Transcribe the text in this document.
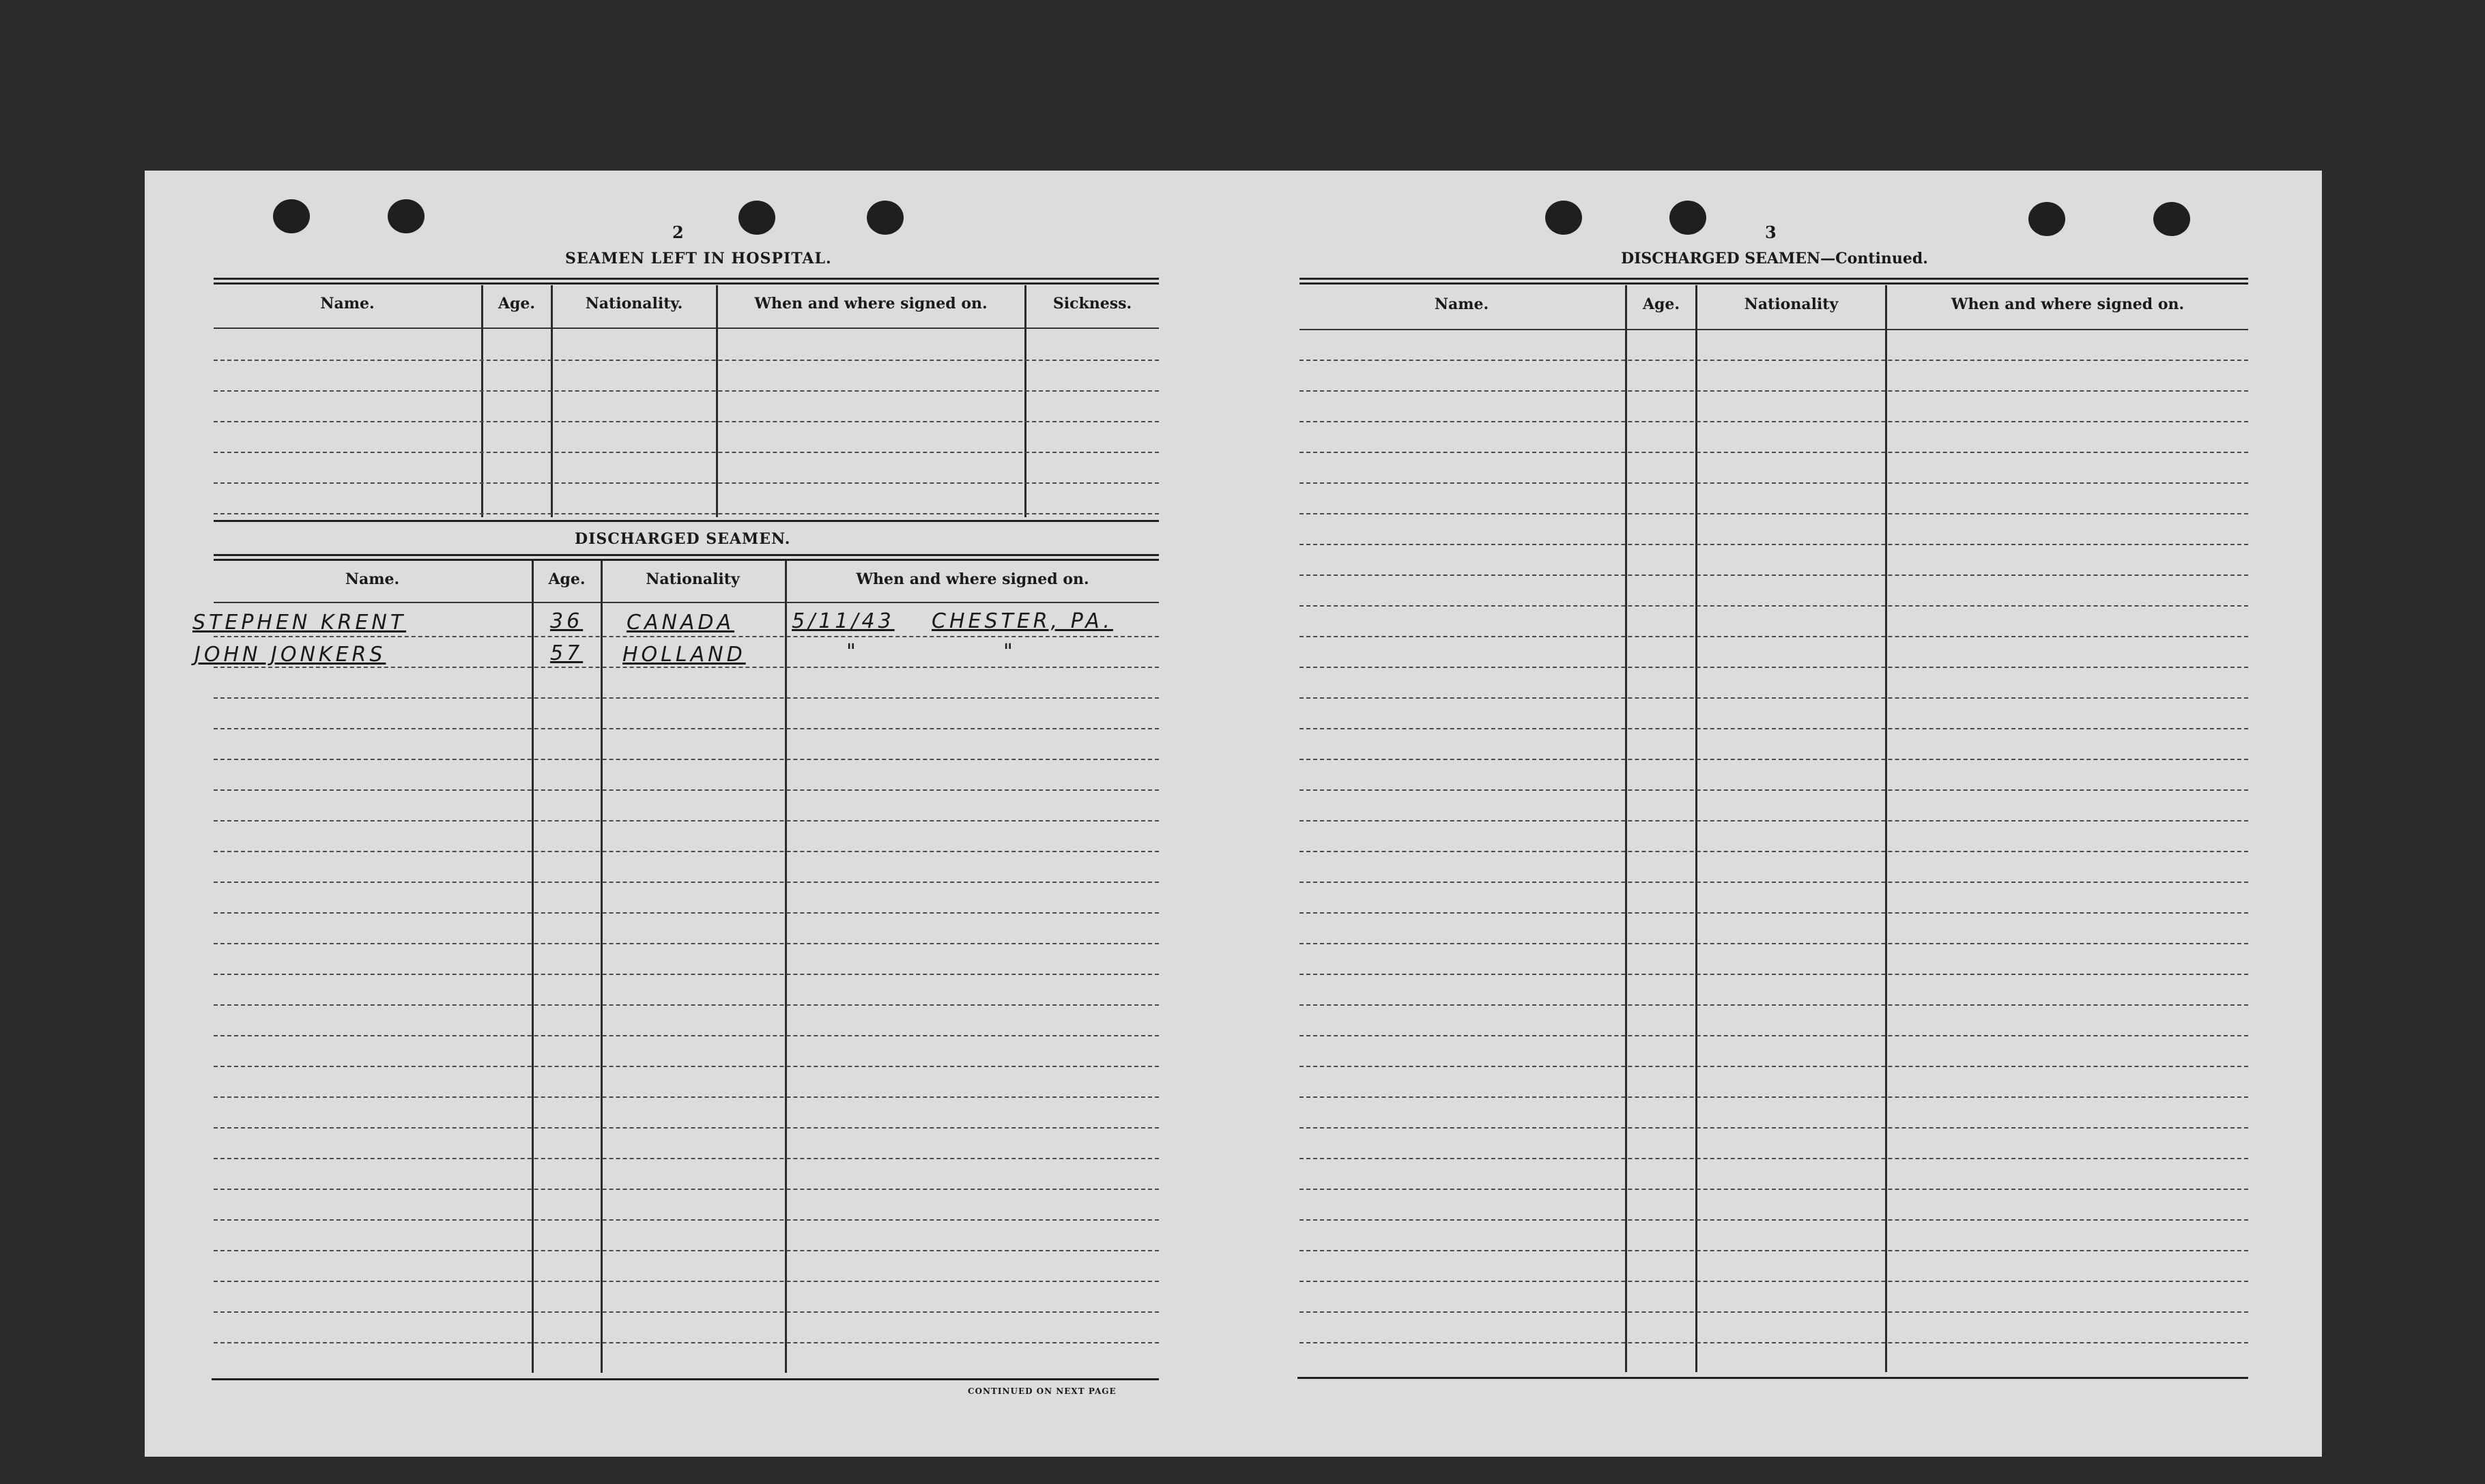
2
SEAMEN LEFT IN HOSPITAL.
Name.	Age.	Nationality.	When and where signed on.	Sickness.
DISCHARGED SEAMEN.
Name.	Age.	Nationality	When and where signed on.
STEPHEN KRENT	36 CANADA	5/11/43 CHESTER, PA.
JOHN JONKERS	57 HOLLAND	"	"
CONTINUED ON NEXT PAGE
3
DISCHARGED SEAMEN—Continued.
Name.	Age.	Nationality	When and where signed on.
